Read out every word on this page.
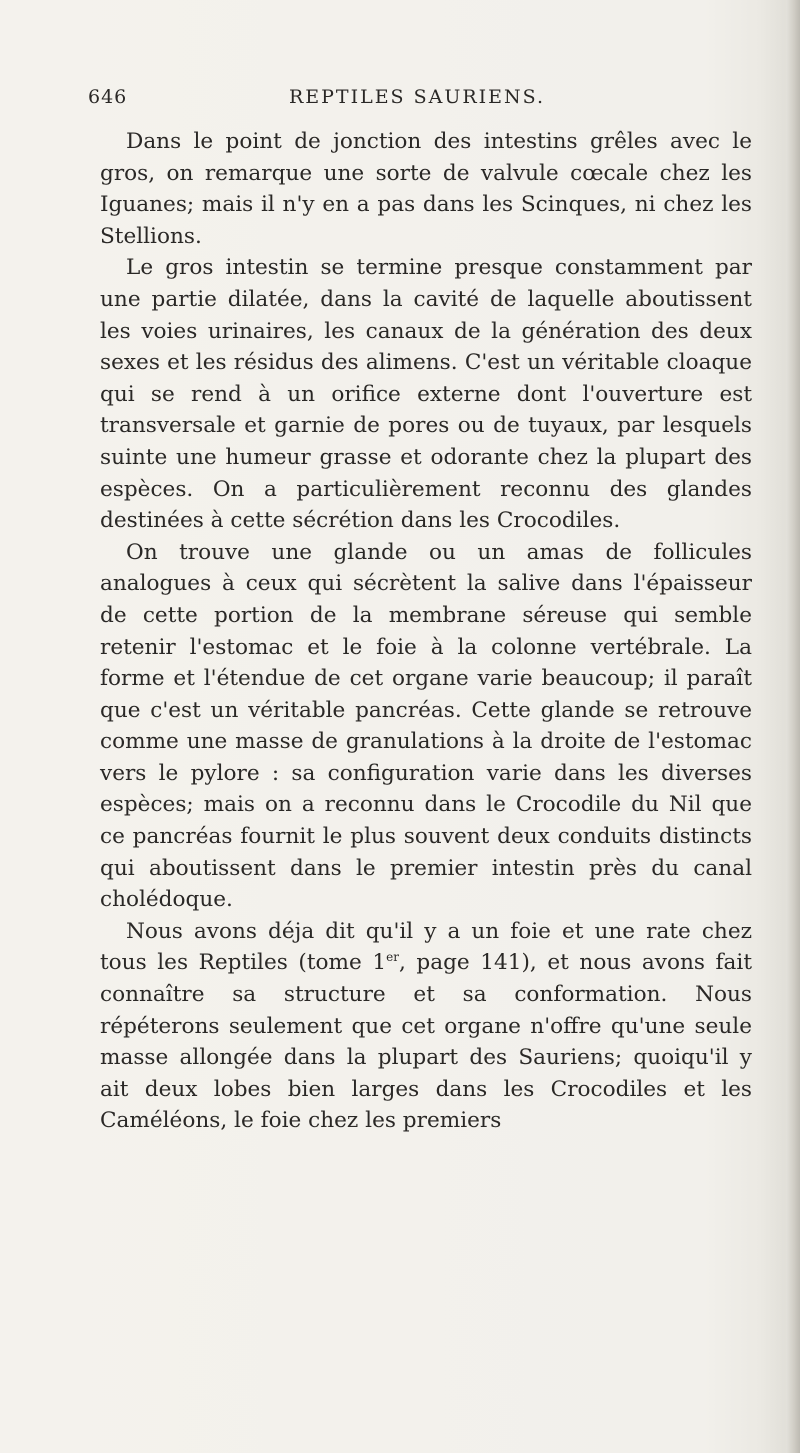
646	REPTILES SAURIENS.

Dans le point de jonction des intestins grêles avec le gros, on remarque une sorte de valvule cœcale chez les Iguanes; mais il n'y en a pas dans les Scinques, ni chez les Stellions.

Le gros intestin se termine presque constamment par une partie dilatée, dans la cavité de laquelle aboutissent les voies urinaires, les canaux de la génération des deux sexes et les résidus des alimens. C'est un véritable cloaque qui se rend à un orifice externe dont l'ouverture est transversale et garnie de pores ou de tuyaux, par lesquels suinte une humeur grasse et odorante chez la plupart des espèces. On a particulièrement reconnu des glandes destinées à cette sécrétion dans les Crocodiles.

On trouve une glande ou un amas de follicules analogues à ceux qui sécrètent la salive dans l'épaisseur de cette portion de la membrane séreuse qui semble retenir l'estomac et le foie à la colonne vertébrale. La forme et l'étendue de cet organe varie beaucoup; il paraît que c'est un véritable pancréas. Cette glande se retrouve comme une masse de granulations à la droite de l'estomac vers le pylore : sa configuration varie dans les diverses espèces; mais on a reconnu dans le Crocodile du Nil que ce pancréas fournit le plus souvent deux conduits distincts qui aboutissent dans le premier intestin près du canal cholédoque.

Nous avons déja dit qu'il y a un foie et une rate chez tous les Reptiles (tome 1er, page 141), et nous avons fait connaître sa structure et sa conformation. Nous répéterons seulement que cet organe n'offre qu'une seule masse allongée dans la plupart des Sauriens; quoiqu'il y ait deux lobes bien larges dans les Crocodiles et les Caméléons, le foie chez les premiers
